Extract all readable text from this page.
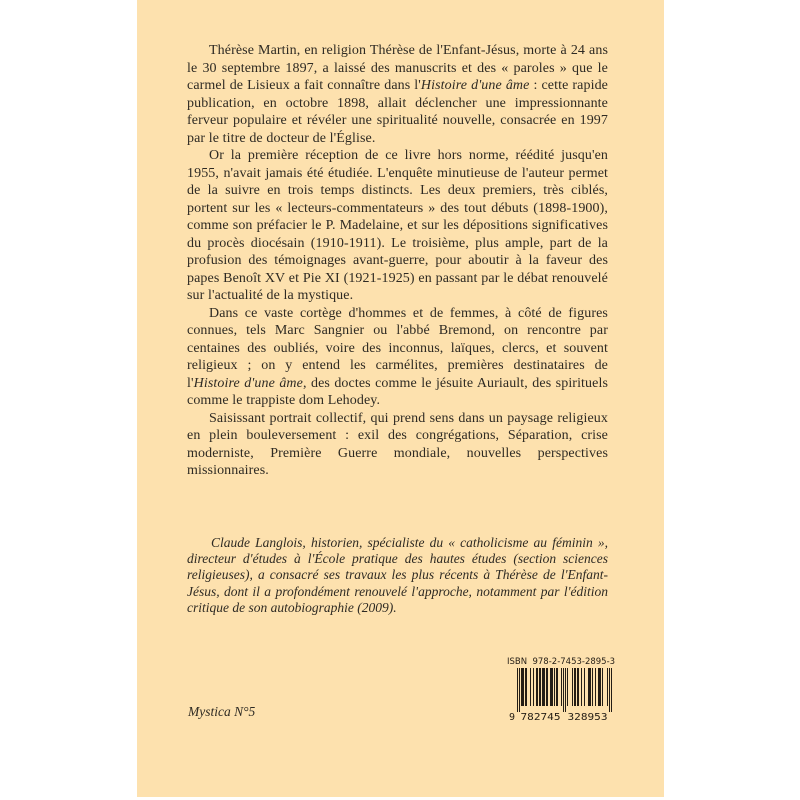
Thérèse Martin, en religion Thérèse de l'Enfant-Jésus, morte à 24 ans le 30 septembre 1897, a laissé des manuscrits et des « paroles » que le carmel de Lisieux a fait connaître dans l'Histoire d'une âme : cette rapide publication, en octobre 1898, allait déclencher une impressionnante ferveur populaire et révéler une spiritualité nouvelle, consacrée en 1997 par le titre de docteur de l'Église.

Or la première réception de ce livre hors norme, réédité jusqu'en 1955, n'avait jamais été étudiée. L'enquête minutieuse de l'auteur permet de la suivre en trois temps distincts. Les deux premiers, très ciblés, portent sur les « lecteurs-commentateurs » des tout débuts (1898-1900), comme son préfacier le P. Madelaine, et sur les dépositions significatives du procès diocésain (1910-1911). Le troisième, plus ample, part de la profusion des témoignages avant-guerre, pour aboutir à la faveur des papes Benoît XV et Pie XI (1921-1925) en passant par le débat renouvelé sur l'actualité de la mystique.

Dans ce vaste cortège d'hommes et de femmes, à côté de figures connues, tels Marc Sangnier ou l'abbé Bremond, on rencontre par centaines des oubliés, voire des inconnus, laïques, clercs, et souvent religieux ; on y entend les carmélites, premières destinataires de l'Histoire d'une âme, des doctes comme le jésuite Auriault, des spirituels comme le trappiste dom Lehodey.

Saisissant portrait collectif, qui prend sens dans un paysage religieux en plein bouleversement : exil des congrégations, Séparation, crise moderniste, Première Guerre mondiale, nouvelles perspectives missionnaires.

Claude Langlois, historien, spécialiste du « catholicisme au féminin », directeur d'études à l'École pratique des hautes études (section sciences religieuses), a consacré ses travaux les plus récents à Thérèse de l'Enfant-Jésus, dont il a profondément renouvelé l'approche, notamment par l'édition critique de son autobiographie (2009).

Mystica N°5
ISBN  978-2-7453-2895-3
9 782745 328953
